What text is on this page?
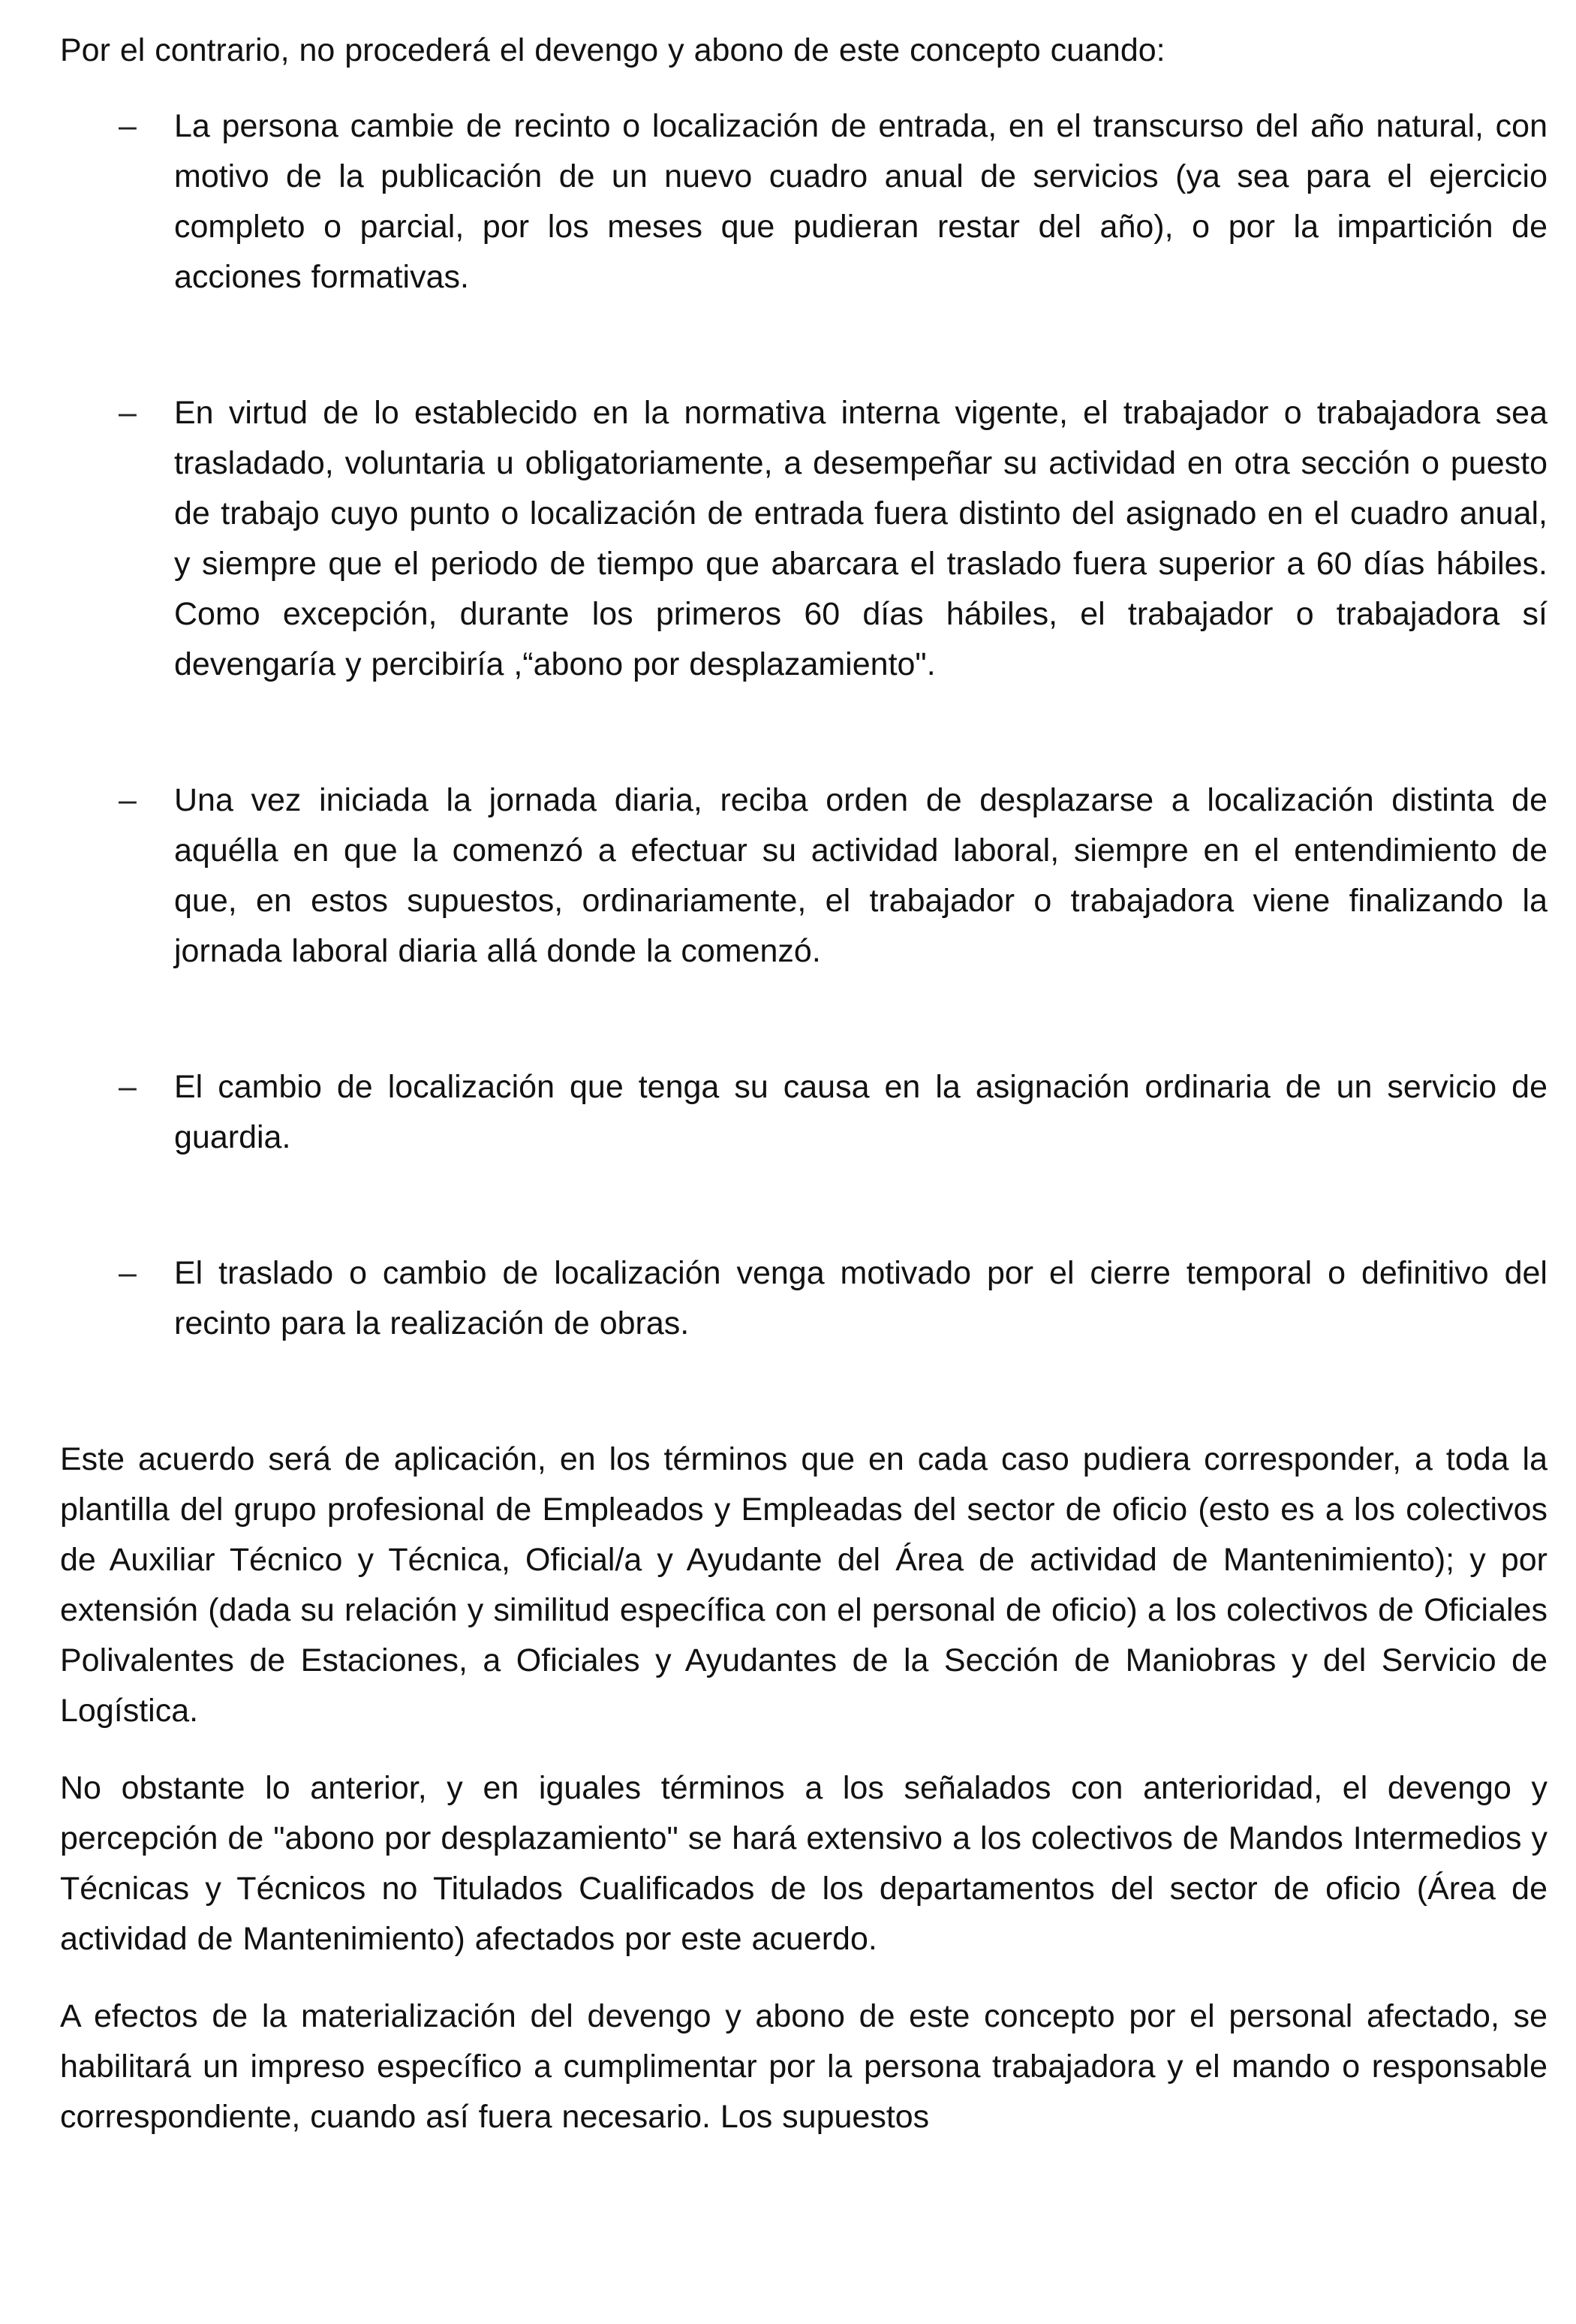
Por el contrario, no procederá el devengo y abono de este concepto cuando:

– La persona cambie de recinto o localización de entrada, en el transcurso del año natural, con motivo de la publicación de un nuevo cuadro anual de servicios (ya sea para el ejercicio completo o parcial, por los meses que pudieran restar del año), o por la impartición de acciones formativas.

– En virtud de lo establecido en la normativa interna vigente, el trabajador o trabajadora sea trasladado, voluntaria u obligatoriamente, a desempeñar su actividad en otra sección o puesto de trabajo cuyo punto o localización de entrada fuera distinto del asignado en el cuadro anual, y siempre que el periodo de tiempo que abarcara el traslado fuera superior a 60 días hábiles. Como excepción, durante los primeros 60 días hábiles, el trabajador o trabajadora sí devengaría y percibiría ,“abono por desplazamiento".

– Una vez iniciada la jornada diaria, reciba orden de desplazarse a localización distinta de aquélla en que la comenzó a efectuar su actividad laboral, siempre en el entendimiento de que, en estos supuestos, ordinariamente, el trabajador o trabajadora viene finalizando la jornada laboral diaria allá donde la comenzó.

– El cambio de localización que tenga su causa en la asignación ordinaria de un servicio de guardia.

– El traslado o cambio de localización venga motivado por el cierre temporal o definitivo del recinto para la realización de obras.

Este acuerdo será de aplicación, en los términos que en cada caso pudiera corresponder, a toda la plantilla del grupo profesional de Empleados y Empleadas del sector de oficio (esto es a los colectivos de Auxiliar Técnico y Técnica, Oficial/a y Ayudante del Área de actividad de Mantenimiento); y por extensión (dada su relación y similitud específica con el personal de oficio) a los colectivos de Oficiales Polivalentes de Estaciones, a Oficiales y Ayudantes de la Sección de Maniobras y del Servicio de Logística.

No obstante lo anterior, y en iguales términos a los señalados con anterioridad, el devengo y percepción de "abono por desplazamiento" se hará extensivo a los colectivos de Mandos Intermedios y Técnicas y Técnicos no Titulados Cualificados de los departamentos del sector de oficio (Área de actividad de Mantenimiento) afectados por este acuerdo.

A efectos de la materialización del devengo y abono de este concepto por el personal afectado, se habilitará un impreso específico a cumplimentar por la persona trabajadora y el mando o responsable correspondiente, cuando así fuera necesario. Los supuestos
